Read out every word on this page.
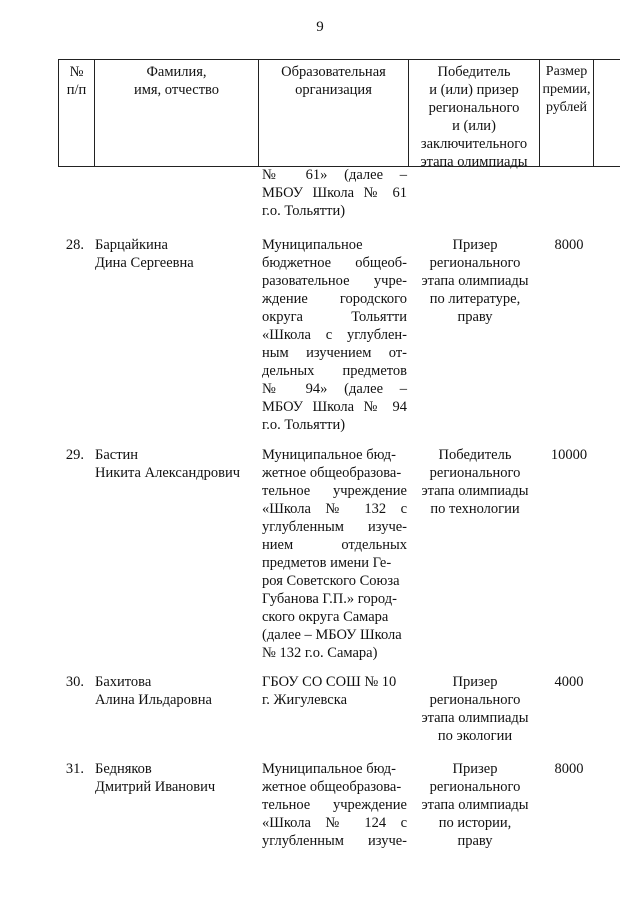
9
№
п/п
Фамилия,
имя, отчество
Образовательная
организация
Победитель
и (или) призер
регионального
и (или)
заключительного
этапа олимпиады
Размер
премии,
рублей
№ 61» (далее –
МБОУ Школа № 61
г.о. Тольятти)
28. Барцайкина
Дина Сергеевна
Муниципальное
бюджетное общеоб-
разовательное учре-
ждение городского
округа Тольятти
«Школа с углублен-
ным изучением от-
дельных предметов
№ 94» (далее –
МБОУ Школа № 94
г.о. Тольятти)
Призер
регионального
этапа олимпиады
по литературе,
праву
8000
29. Бастин
Никита Александрович
Муниципальное бюд-
жетное общеобразова-
тельное учреждение
«Школа № 132 с
углубленным изуче-
нием отдельных
предметов имени Ге-
роя Советского Союза
Губанова Г.П.» город-
ского округа Самара
(далее – МБОУ Школа
№ 132 г.о. Самара)
Победитель
регионального
этапа олимпиады
по технологии
10000
30. Бахитова
Алина Ильдаровна
ГБОУ СО СОШ № 10
г. Жигулевска
Призер
регионального
этапа олимпиады
по экологии
4000
31. Бедняков
Дмитрий Иванович
Муниципальное бюд-
жетное общеобразова-
тельное учреждение
«Школа № 124 с
углубленным изуче-
Призер
регионального
этапа олимпиады
по истории,
праву
8000
